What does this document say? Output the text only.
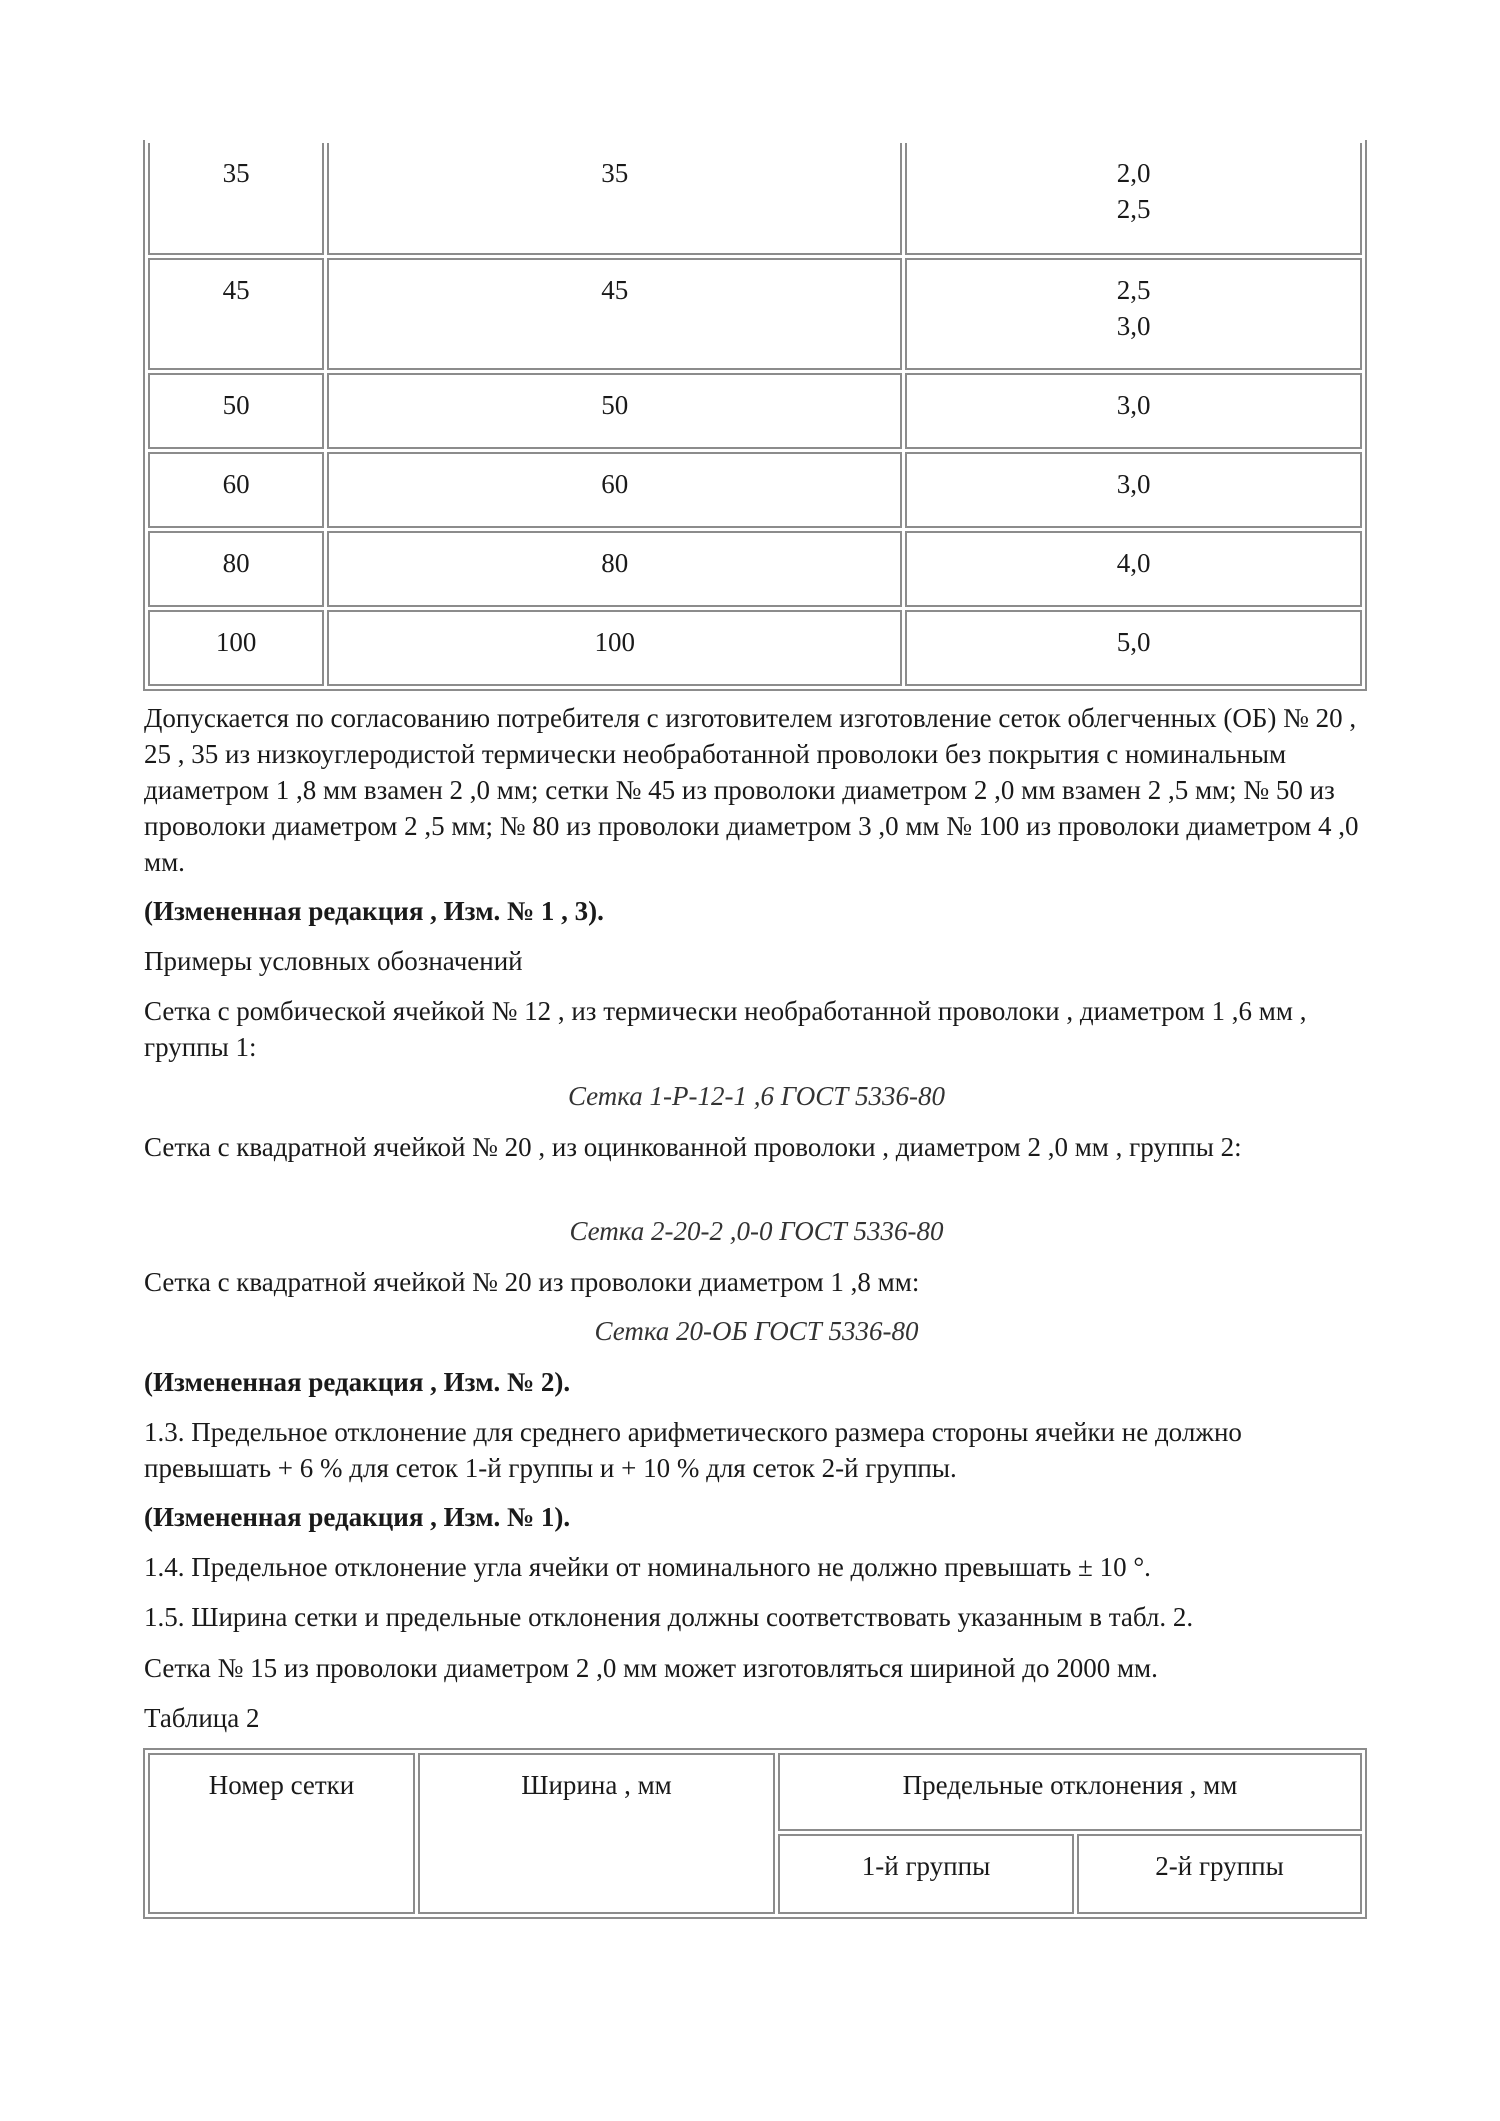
35	35	2,0
2,5

45	45	2,5
3,0

50	50	3,0
60	60	3,0
80	80	4,0
100	100	5,0

Допускается по согласованию потребителя с изготовителем изготовление сеток облегченных (ОБ) № 20 , 25 , 35 из низкоуглеродистой термически необработанной проволоки без покрытия с номинальным диаметром 1 ,8 мм взамен 2 ,0 мм; сетки № 45 из проволоки диаметром 2 ,0 мм взамен 2 ,5 мм; № 50 из проволоки диаметром 2 ,5 мм; № 80 из проволоки диаметром 3 ,0 мм № 100 из проволоки диаметром 4 ,0 мм.

(Измененная редакция , Изм. № 1 , 3).

Примеры условных обозначений

Сетка с ромбической ячейкой № 12 , из термически необработанной проволоки , диаметром 1 ,6 мм , группы 1:

Сетка 1-Р-12-1 ,6 ГОСТ 5336-80

Сетка с квадратной ячейкой № 20 , из оцинкованной проволоки , диаметром 2 ,0 мм , группы 2:

Сетка 2-20-2 ,0-0 ГОСТ 5336-80

Сетка с квадратной ячейкой № 20 из проволоки диаметром 1 ,8 мм:

Сетка 20-ОБ ГОСТ 5336-80

(Измененная редакция , Изм. № 2).

1.3. Предельное отклонение для среднего арифметического размера стороны ячейки не должно превышать + 6 % для сеток 1-й группы и + 10 % для сеток 2-й группы.

(Измененная редакция , Изм. № 1).

1.4. Предельное отклонение угла ячейки от номинального не должно превышать ± 10 °.

1.5. Ширина сетки и предельные отклонения должны соответствовать указанным в табл. 2.

Сетка № 15 из проволоки диаметром 2 ,0 мм может изготовляться шириной до 2000 мм.

Таблица 2

Номер сетки	Ширина , мм	Предельные отклонения , мм	
		1-й группы	2-й группы
